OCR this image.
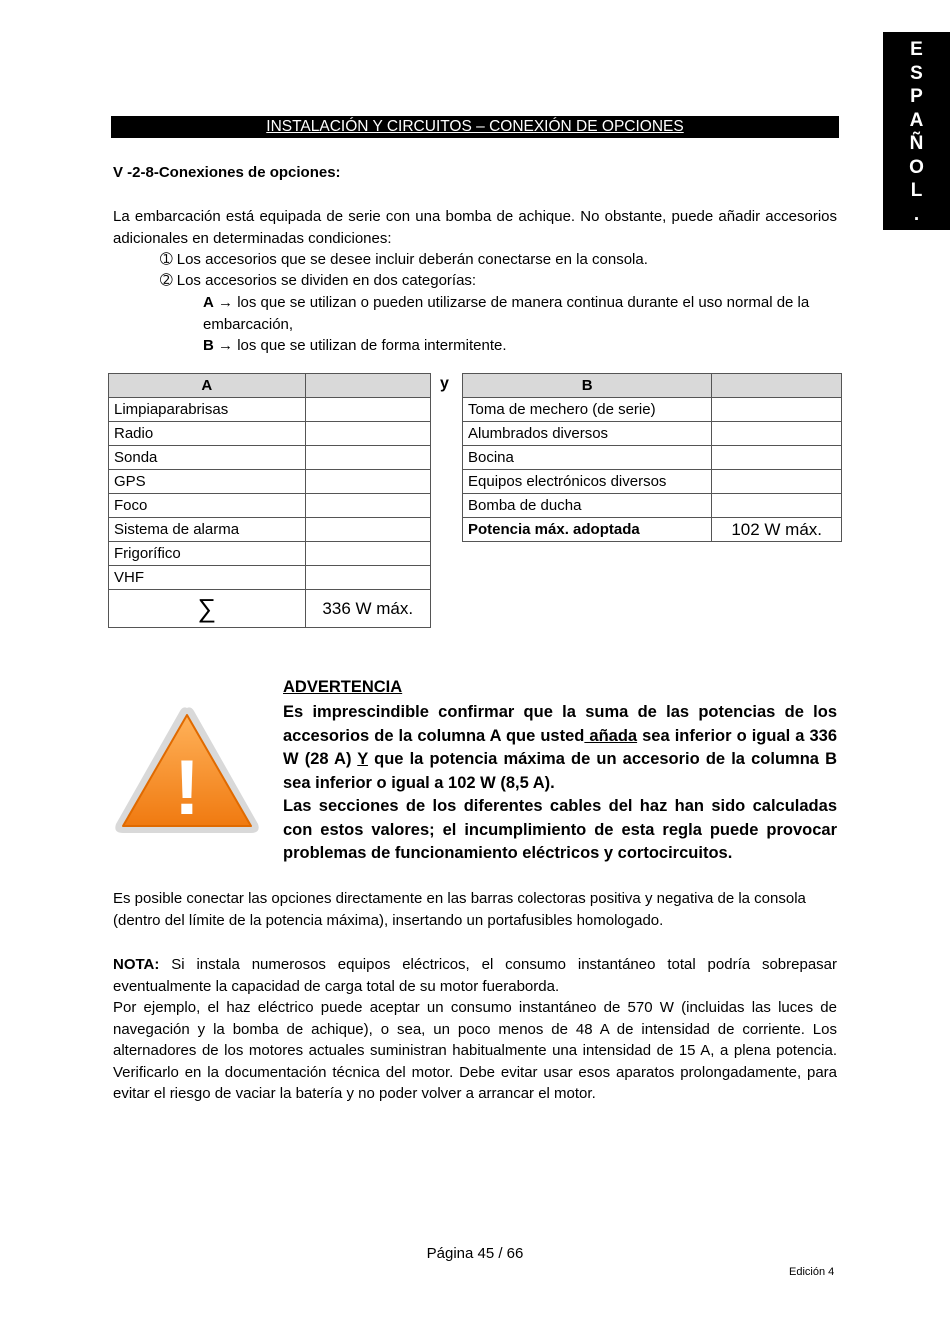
E
S
P
A
Ñ
O
L
.
INSTALACIÓN Y CIRCUITOS – CONEXIÓN DE OPCIONES
V -2-8-Conexiones de opciones:
La embarcación está equipada de serie con una bomba de achique. No obstante, puede añadir accesorios adicionales en determinadas condiciones:
➀ Los accesorios que se desee incluir deberán conectarse en la consola.
➁ Los accesorios se dividen en dos categorías:
A → los que se utilizan o pueden utilizarse de manera continua durante el uso normal de la embarcación,
B → los que se utilizan de forma intermitente.
A	
Limpiaparabrisas	
Radio	
Sonda	
GPS	
Foco	
Sistema de alarma	
Frigorífico	
VHF	
∑	336 W máx.
y	B	
Toma de mechero (de serie)	
Alumbrados diversos	
Bocina	
Equipos electrónicos diversos	
Bomba de ducha	
Potencia máx. adoptada	102 W máx.
!
ADVERTENCIA
Es imprescindible confirmar que la suma de las potencias de los accesorios de la columna A que usted añada sea inferior o igual a 336 W (28 A) Y que la potencia máxima de un accesorio de la columna B sea inferior o igual a 102 W (8,5 A).
Las secciones de los diferentes cables del haz han sido calculadas con estos valores; el incumplimiento de esta regla puede provocar problemas de funcionamiento eléctricos y cortocircuitos.
Es posible conectar las opciones directamente en las barras colectoras positiva y negativa de la consola (dentro del límite de la potencia máxima), insertando un portafusibles homologado.
NOTA: Si instala numerosos equipos eléctricos, el consumo instantáneo total podría sobrepasar eventualmente la capacidad de carga total de su motor fueraborda.
Por ejemplo, el haz eléctrico puede aceptar un consumo instantáneo de 570 W (incluidas las luces de navegación y la bomba de achique), o sea, un poco menos de 48 A de intensidad de corriente. Los alternadores de los motores actuales suministran habitualmente una intensidad de 15 A, a plena potencia. Verificarlo en la documentación técnica del motor. Debe evitar usar esos aparatos prolongadamente, para evitar el riesgo de vaciar la batería y no poder volver a arrancar el motor.
Página 45 / 66
Edición 4
